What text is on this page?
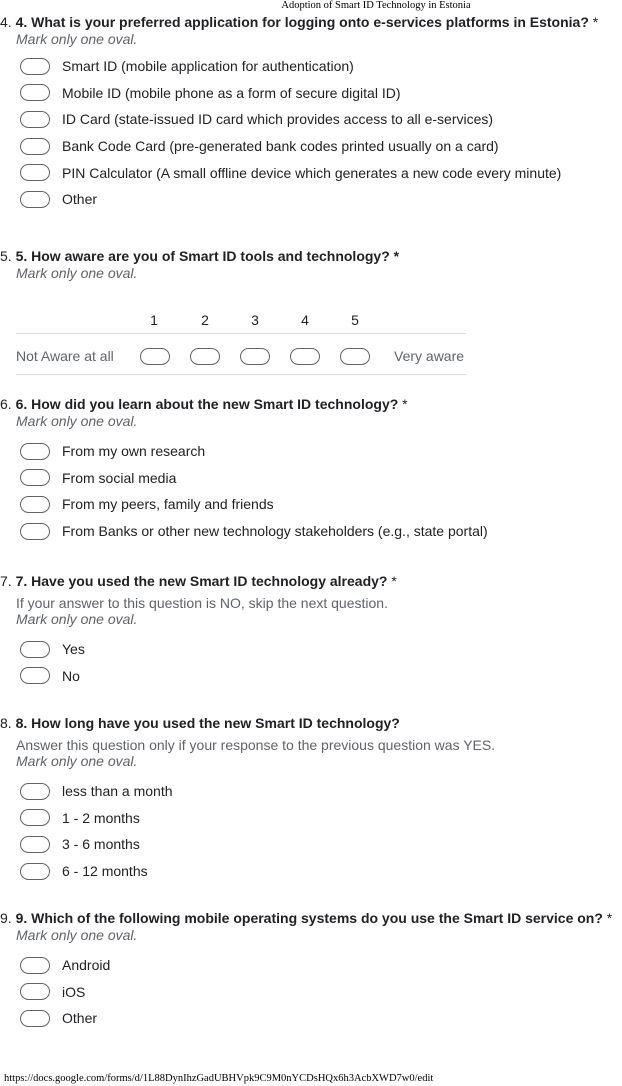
Adoption of Smart ID Technology in Estonia
4. 4. What is your preferred application for logging onto e-services platforms in Estonia? *
Mark only one oval.
Smart ID (mobile application for authentication)
Mobile ID (mobile phone as a form of secure digital ID)
ID Card (state-issued ID card which provides access to all e-services)
Bank Code Card (pre-generated bank codes printed usually on a card)
PIN Calculator (A small offline device which generates a new code every minute)
Other
5. 5. How aware are you of Smart ID tools and technology? *
Mark only one oval.
1	2	3	4	5
Not Aware at all	Very aware
6. 6. How did you learn about the new Smart ID technology? *
Mark only one oval.
From my own research
From social media
From my peers, family and friends
From Banks or other new technology stakeholders (e.g., state portal)
7. 7. Have you used the new Smart ID technology already? *
If your answer to this question is NO, skip the next question.
Mark only one oval.
Yes
No
8. 8. How long have you used the new Smart ID technology?
Answer this question only if your response to the previous question was YES.
Mark only one oval.
less than a month
1 - 2 months
3 - 6 months
6 - 12 months
9. 9. Which of the following mobile operating systems do you use the Smart ID service on? *
Mark only one oval.
Android
iOS
Other
https://docs.google.com/forms/d/1L88DynIhzGadUBHVpk9C9M0nYCDsHQx6h3AcbXWD7w0/edit
